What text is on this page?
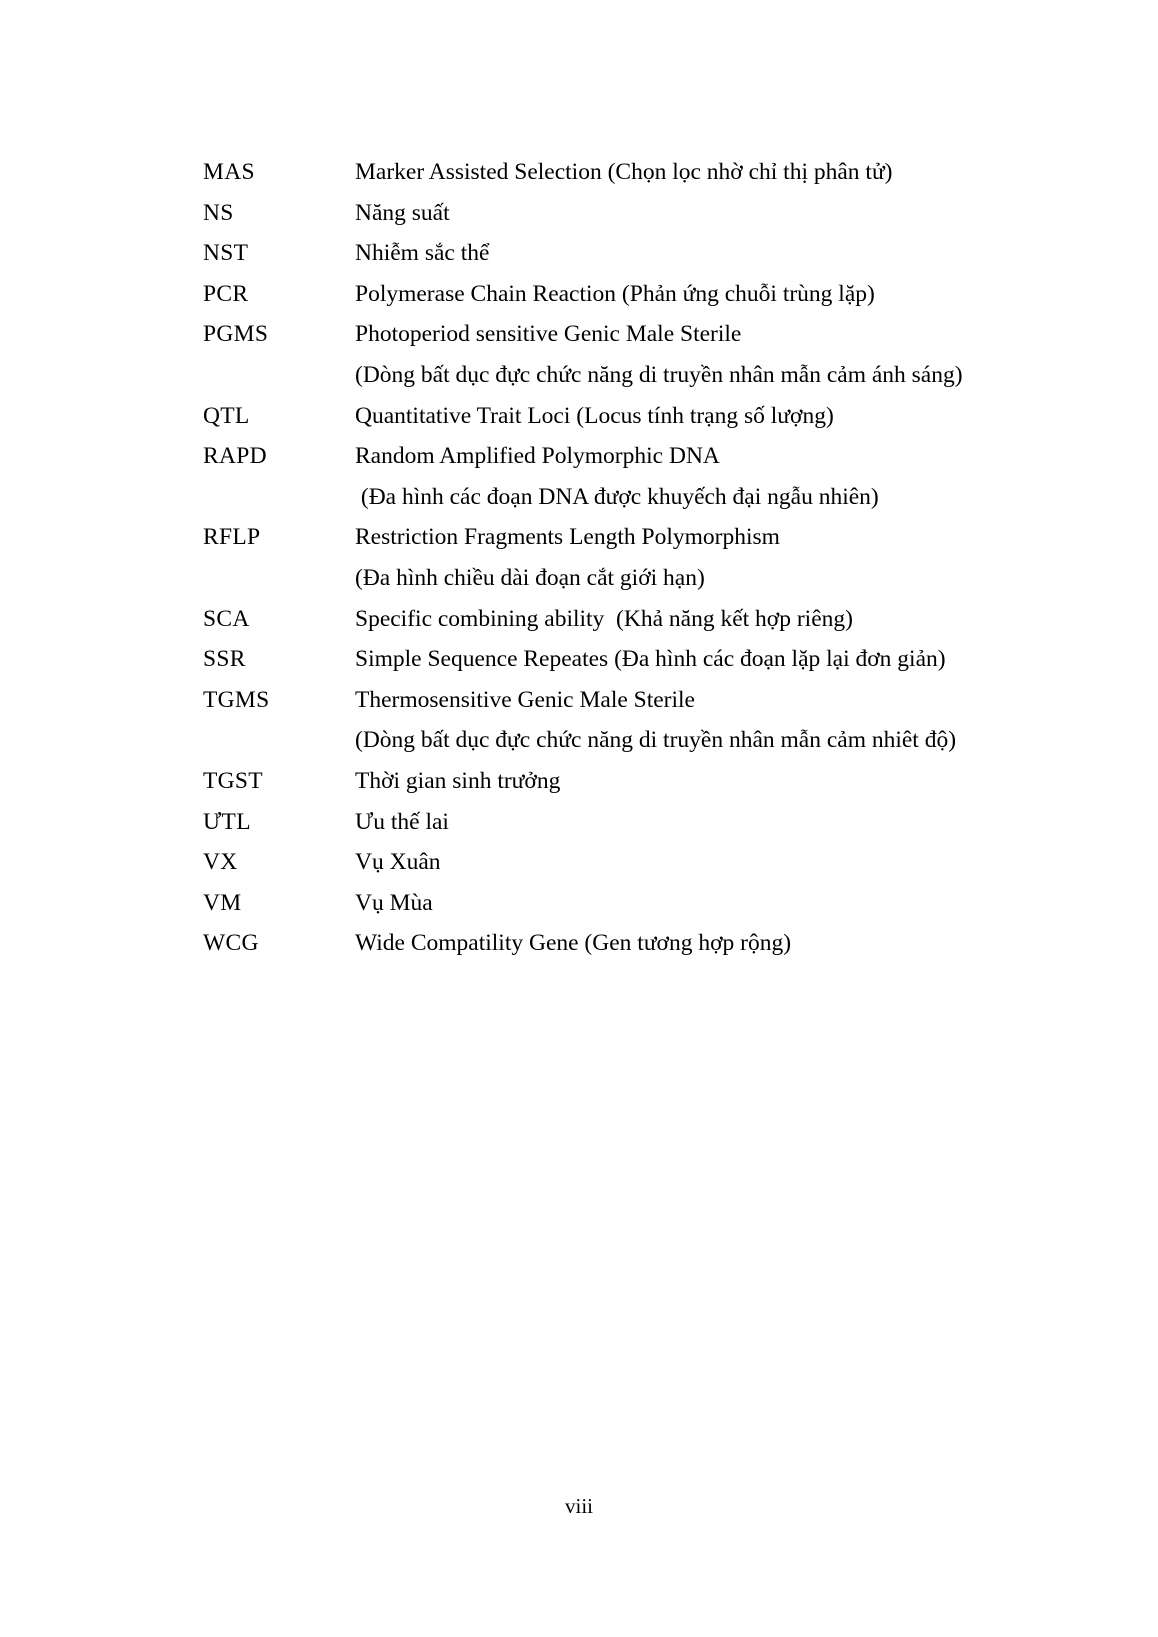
MAS	Marker Assisted Selection (Chọn lọc nhờ chỉ thị phân tử)
NS	Năng suất
NST	Nhiễm sắc thể
PCR	Polymerase Chain Reaction (Phản ứng chuỗi trùng lặp)
PGMS	Photoperiod sensitive Genic Male Sterile
(Dòng bất dục đực chức năng di truyền nhân mẫn cảm ánh sáng)
QTL	Quantitative Trait Loci (Locus tính trạng số lượng)
RAPD	Random Amplified Polymorphic DNA
(Đa hình các đoạn DNA được khuyếch đại ngẫu nhiên)
RFLP	Restriction Fragments Length Polymorphism
(Đa hình chiều dài đoạn cắt giới hạn)
SCA	Specific combining ability  (Khả năng kết hợp riêng)
SSR	Simple Sequence Repeates (Đa hình các đoạn lặp lại đơn giản)
TGMS	Thermosensitive Genic Male Sterile
(Dòng bất dục đực chức năng di truyền nhân mẫn cảm nhiêt độ)
TGST	Thời gian sinh trưởng
ƯTL	Ưu thế lai
VX	Vụ Xuân
VM	Vụ Mùa
WCG	Wide Compatility Gene (Gen tương hợp rộng)
viii
